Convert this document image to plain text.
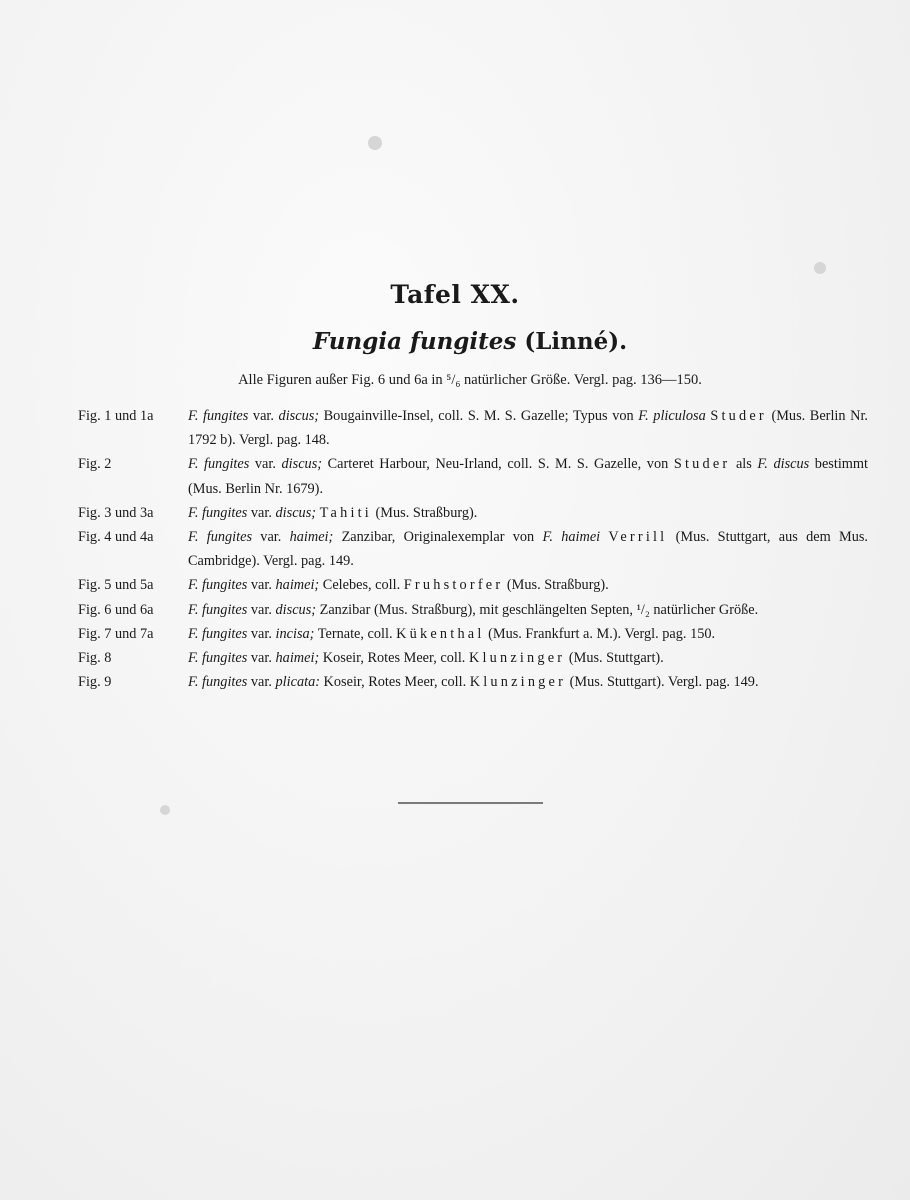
Tafel XX.
Fungia fungites (Linné).
Alle Figuren außer Fig. 6 und 6a in ⁵/₆ natürlicher Größe. Vergl. pag. 136—150.
Fig. 1 und 1a	F. fungites var. discus; Bougainville-Insel, coll. S. M. S. Gazelle; Typus von F. pliculosa Studer (Mus. Berlin Nr. 1792 b). Vergl. pag. 148.
Fig. 2	F. fungites var. discus; Carteret Harbour, Neu-Irland, coll. S. M. S. Gazelle, von Studer als F. discus bestimmt (Mus. Berlin Nr. 1679).
Fig. 3 und 3a	F. fungites var. discus; Tahiti (Mus. Straßburg).
Fig. 4 und 4a	F. fungites var. haimei; Zanzibar, Originalexemplar von F. haimei Verrill (Mus. Stuttgart, aus dem Mus. Cambridge). Vergl. pag. 149.
Fig. 5 und 5a	F. fungites var. haimei; Celebes, coll. Fruhstorfer (Mus. Straßburg).
Fig. 6 und 6a	F. fungites var. discus; Zanzibar (Mus. Straßburg), mit geschlängelten Septen, ¹/₂ natürlicher Größe.
Fig. 7 und 7a	F. fungites var. incisa; Ternate, coll. Kükenthal (Mus. Frankfurt a. M.). Vergl. pag. 150.
Fig. 8	F. fungites var. haimei; Koseir, Rotes Meer, coll. Klunzinger (Mus. Stuttgart).
Fig. 9	F. fungites var. plicata: Koseir, Rotes Meer, coll. Klunzinger (Mus. Stuttgart). Vergl. pag. 149.
